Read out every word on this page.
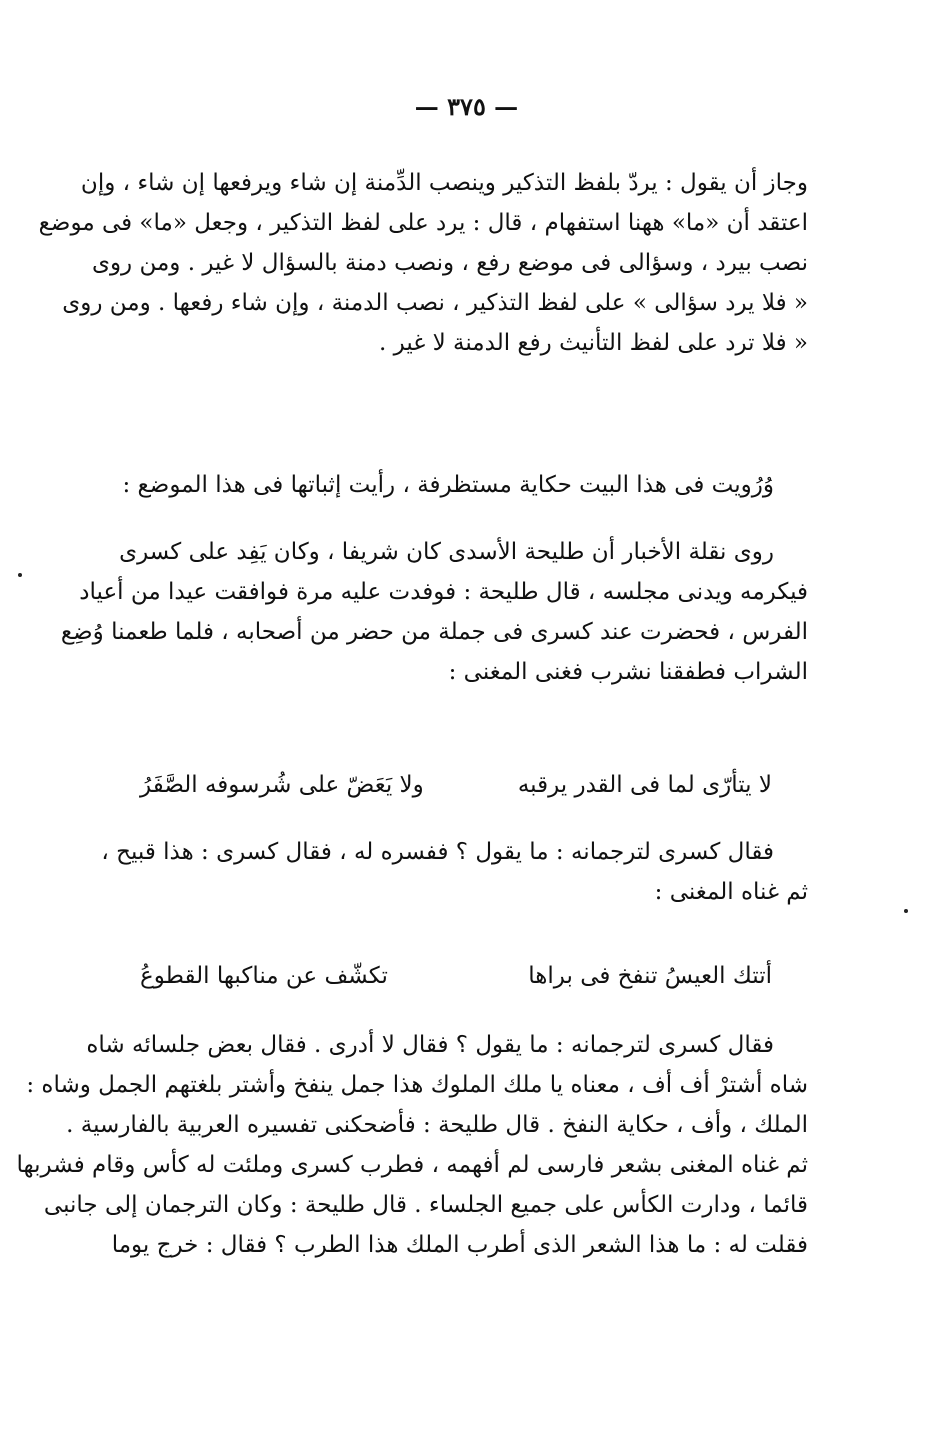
— ٣٧٥ —
وجاز أن يقول : يردّ بلفظ التذكير وينصب الدِّمنة إن شاء ويرفعها إن شاء ، وإن
اعتقد أن «ما» ههنا استفهام ، قال : يرد على لفظ التذكير ، وجعل «ما» فى موضع
نصب بيرد ، وسؤالى فى موضع رفع ، ونصب دمنة بالسؤال لا غير . ومن روى
« فلا يرد سؤالى » على لفظ التذكير ، نصب الدمنة ، وإن شاء رفعها . ومن روى
« فلا ترد على لفظ التأنيث رفع الدمنة لا غير .
وُرُويت فى هذا البيت حكاية مستظرفة ، رأيت إثباتها فى هذا الموضع :
روى نقلة الأخبار أن طليحة الأسدى كان شريفا ، وكان يَفِد على كسرى
فيكرمه ويدنى مجلسه ، قال طليحة : فوفدت عليه مرة فوافقت عيدا من أعياد
الفرس ، فحضرت عند كسرى فى جملة من حضر من أصحابه ، فلما طعمنا وُضِع
الشراب فطفقنا نشرب فغنى المغنى :
لا يتأرّى لما فى القدر يرقبه
ولا يَعَضّ على شُرسوفه الصَّفَرُ
فقال كسرى لترجمانه : ما يقول ؟ ففسره له ، فقال كسرى : هذا قبيح ،
ثم غناه المغنى :
أتتك العيسُ تنفخ فى براها
تكشّف عن مناكبها القطوعُ
فقال كسرى لترجمانه : ما يقول ؟ فقال لا أدرى . فقال بعض جلسائه شاه
شاه أشترْ أف أف ، معناه يا ملك الملوك هذا جمل ينفخ وأشتر بلغتهم الجمل وشاه :
الملك ، وأف ، حكاية النفخ . قال طليحة : فأضحكنى تفسيره العربية بالفارسية .
ثم غناه المغنى بشعر فارسى لم أفهمه ، فطرب كسرى وملئت له كأس وقام فشربها
قائما ، ودارت الكأس على جميع الجلساء . قال طليحة : وكان الترجمان إلى جانبى
فقلت له : ما هذا الشعر الذى أطرب الملك هذا الطرب ؟ فقال : خرج يوما
